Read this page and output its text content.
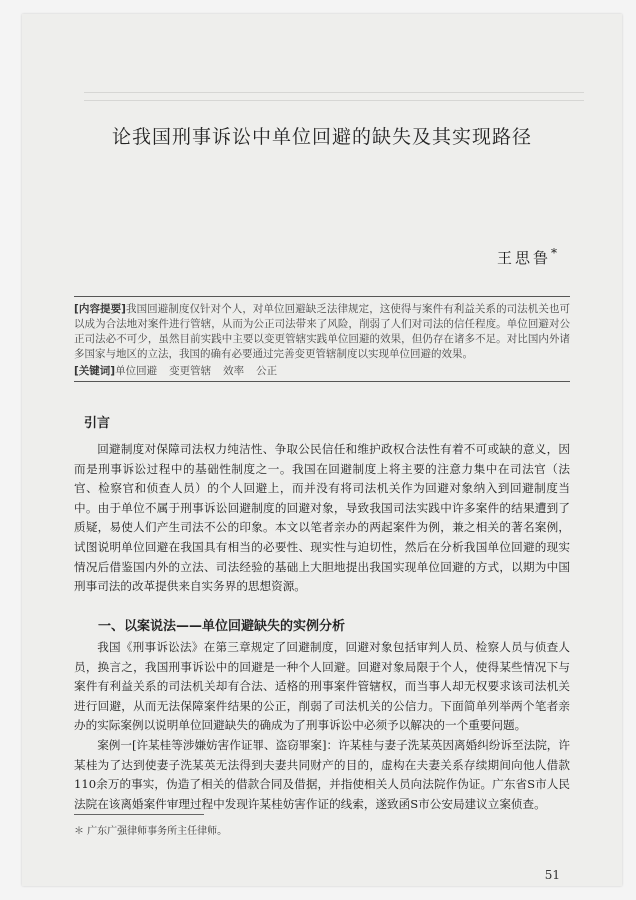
论我国刑事诉讼中单位回避的缺失及其实现路径
王思鲁*

[内容提要]我国回避制度仅针对个人，对单位回避缺乏法律规定，这使得与案件有利益关系的司法机关也可以成为合法地对案件进行管辖，从而为公正司法带来了风险，削弱了人们对司法的信任程度。单位回避对公正司法必不可少，虽然目前实践中主要以变更管辖实践单位回避的效果，但仍存在诸多不足。对比国内外诸多国家与地区的立法，我国的确有必要通过完善变更管辖制度以实现单位回避的效果。

[关键词]单位回避 变更管辖 效率 公正

引言

回避制度对保障司法权力纯洁性、争取公民信任和维护政权合法性有着不可或缺的意义，因而是刑事诉讼过程中的基础性制度之一。我国在回避制度上将主要的注意力集中在司法官（法官、检察官和侦查人员）的个人回避上，而并没有将司法机关作为回避对象纳入到回避制度当中。由于单位不属于刑事诉讼回避制度的回避对象，导致我国司法实践中许多案件的结果遭到了质疑，易使人们产生司法不公的印象。本文以笔者亲办的两起案件为例，兼之相关的著名案例，试图说明单位回避在我国具有相当的必要性、现实性与迫切性，然后在分析我国单位回避的现实情况后借鉴国内外的立法、司法经验的基础上大胆地提出我国实现单位回避的方式，以期为中国刑事司法的改革提供来自实务界的思想资源。

一、以案说法——单位回避缺失的实例分析

我国《刑事诉讼法》在第三章规定了回避制度，回避对象包括审判人员、检察人员与侦查人员，换言之，我国刑事诉讼中的回避是一种个人回避。回避对象局限于个人，使得某些情况下与案件有利益关系的司法机关却有合法、适格的刑事案件管辖权，而当事人却无权要求该司法机关进行回避，从而无法保障案件结果的公正，削弱了司法机关的公信力。下面简单列举两个笔者亲办的实际案例以说明单位回避缺失的确成为了刑事诉讼中必须予以解决的一个重要问题。

案例一[许某桂等涉嫌妨害作证罪、盗窃罪案]：许某桂与妻子洗某英因离婚纠纷诉至法院，许某桂为了达到使妻子洗某英无法得到夫妻共同财产的目的，虚构在夫妻关系存续期间向他人借款110余万的事实，伪造了相关的借款合同及借据，并指使相关人员向法院作伪证。广东省S市人民法院在该离婚案件审理过程中发现许某桂妨害作证的线索，遂致函S市公安局建议立案侦查。

＊ 广东广强律师事务所主任律师。
51
